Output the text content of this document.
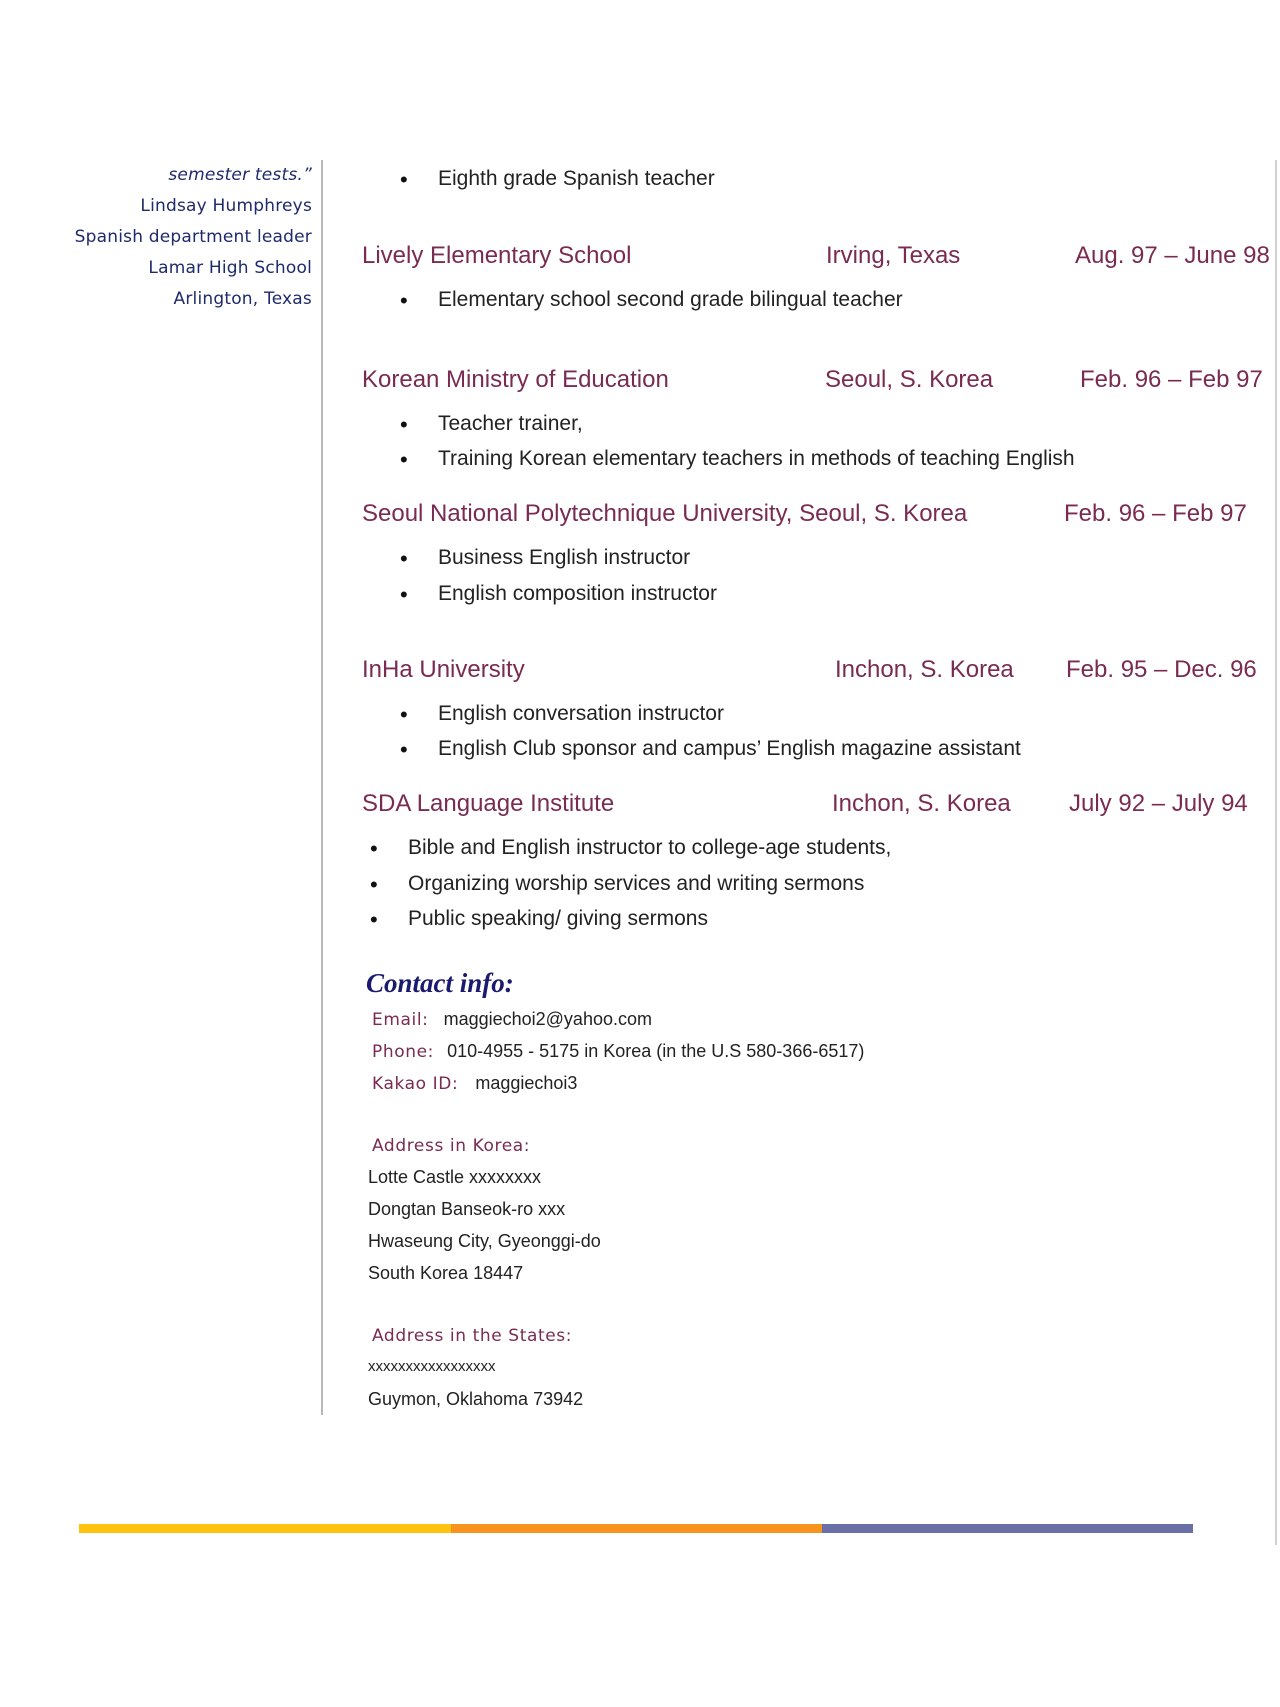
semester tests.”
Lindsay Humphreys
Spanish department leader
Lamar High School
Arlington, Texas
• Eighth grade Spanish teacher
Lively Elementary School	Irving, Texas	Aug. 97 – June 98
• Elementary school second grade bilingual teacher
Korean Ministry of Education	Seoul, S. Korea	Feb. 96 – Feb 97
• Teacher trainer,
• Training Korean elementary teachers in methods of teaching English
Seoul National Polytechnique University, Seoul, S. Korea	Feb. 96 – Feb 97
• Business English instructor
• English composition instructor
InHa University	Inchon, S. Korea Feb. 95 – Dec. 96
• English conversation instructor
• English Club sponsor and campus’ English magazine assistant
SDA Language Institute	Inchon, S. Korea July 92 – July 94
• Bible and English instructor to college-age students,
• Organizing worship services and writing sermons
• Public speaking/ giving sermons
Contact info:
Email: maggiechoi2@yahoo.com
Phone: 010-4955 - 5175 in Korea (in the U.S 580-366-6517)
Kakao ID: maggiechoi3
Address in Korea:
Lotte Castle xxxxxxxx
Dongtan Banseok-ro xxx
Hwaseung City, Gyeonggi-do
South Korea 18447
Address in the States:
xxxxxxxxxxxxxxxxx
Guymon, Oklahoma 73942
